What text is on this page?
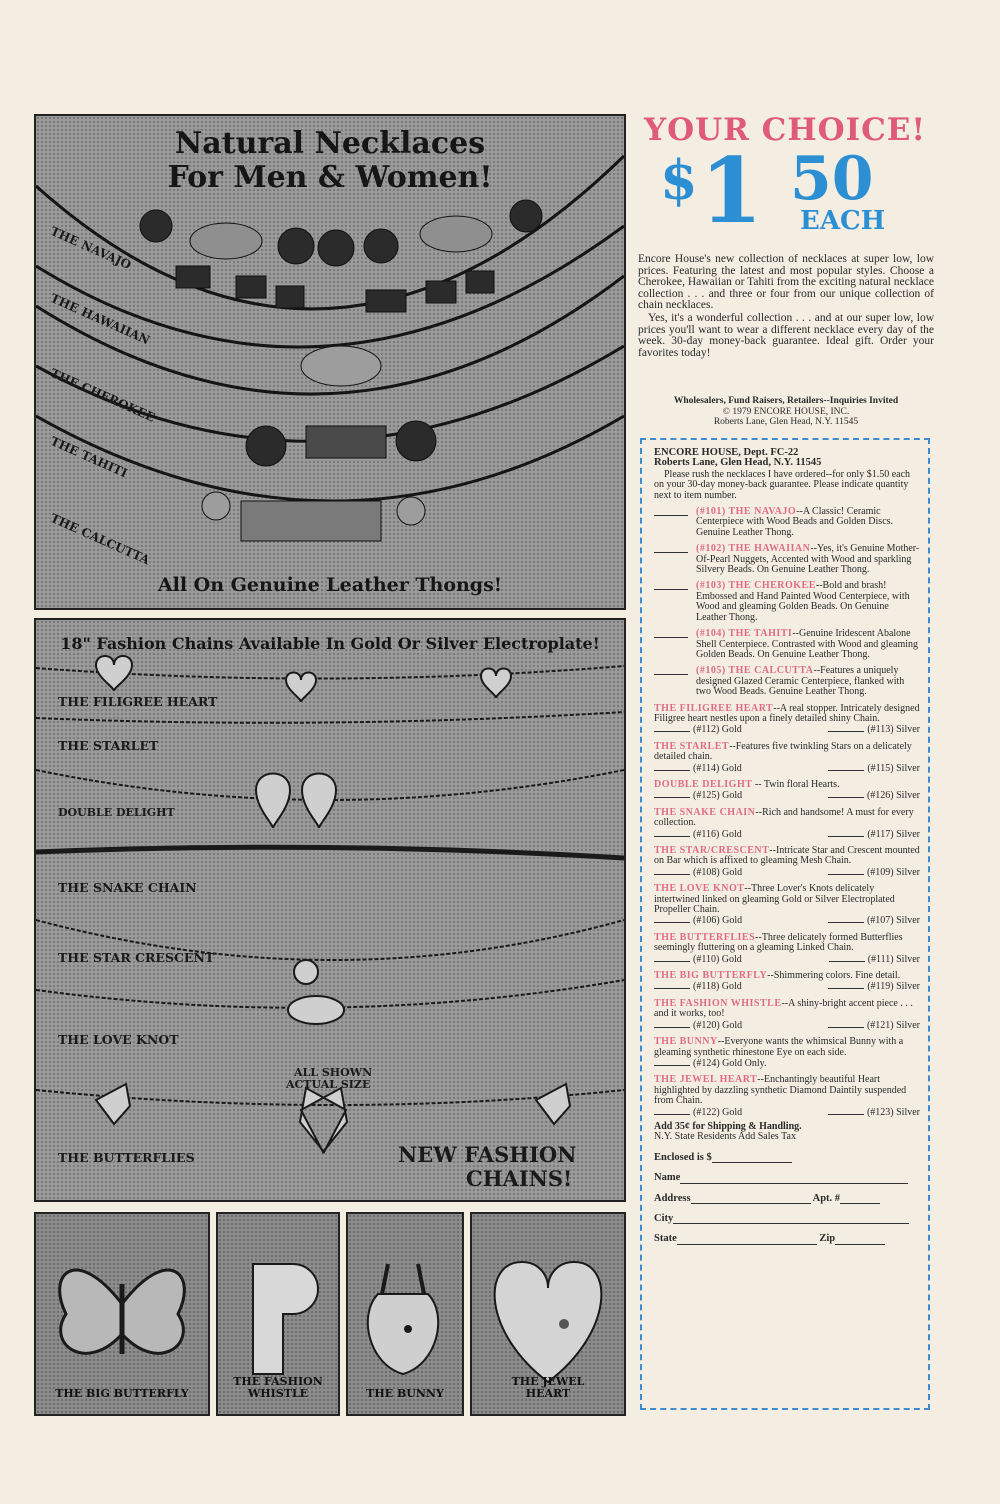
Natural Necklaces
For Men & Women!
THE NAVAJO
THE HAWAIIAN
THE CHEROKEE
THE TAHITI
THE CALCUTTA
All On Genuine Leather Thongs!
18" Fashion Chains Available In Gold Or Silver Electroplate!
THE FILIGREE HEART
THE STARLET
DOUBLE DELIGHT
THE SNAKE CHAIN
THE STAR CRESCENT
THE LOVE KNOT
THE BUTTERFLIES
ALL SHOWN
ACTUAL SIZE
NEW FASHION
CHAINS!
THE BIG BUTTERFLY
THE FASHION WHISTLE	THE BUNNY
THE JEWEL HEART
YOUR CHOICE!
$ 1 50
EACH

Encore House's new collection of necklaces at super low, low prices. Featuring the latest and most popular styles. Choose a Cherokee, Hawaiian or Tahiti from the exciting natural necklace collection . . . and three or four from our unique collection of chain necklaces.

Yes, it's a wonderful collection . . . and at our super low, low prices you'll want to wear a different necklace every day of the week. 30-day money-back guarantee. Ideal gift. Order your favorites today!

Wholesalers, Fund Raisers, Retailers--Inquiries Invited
© 1979 ENCORE HOUSE, INC.
Roberts Lane, Glen Head, N.Y. 11545
ENCORE HOUSE, Dept. FC-22
Roberts Lane, Glen Head, N.Y. 11545
Please rush the necklaces I have ordered--for only $1.50 each on your 30-day money-back guarantee. Please indicate quantity next to item number.
(#101) THE NAVAJO--A Classic! Ceramic Centerpiece with Wood Beads and Golden Discs. Genuine Leather Thong.
(#102) THE HAWAIIAN--Yes, it's Genuine Mother-Of-Pearl Nuggets, Accented with Wood and sparkling Silvery Beads. On Genuine Leather Thong.
(#103) THE CHEROKEE--Bold and brash! Embossed and Hand Painted Wood Centerpiece, with Wood and gleaming Golden Beads. On Genuine Leather Thong.
(#104) THE TAHITI--Genuine Iridescent Abalone Shell Centerpiece. Contrasted with Wood and gleaming Golden Beads. On Genuine Leather Thong.
(#105) THE CALCUTTA--Features a uniquely designed Glazed Ceramic Centerpiece, flanked with two Wood Beads. Genuine Leather Thong.
THE FILIGREE HEART--A real stopper. Intricately designed Filigree heart nestles upon a finely detailed shiny Chain.
(#112) Gold	(#113) Silver
THE STARLET--Features five twinkling Stars on a delicately detailed chain.
(#114) Gold	(#115) Silver
DOUBLE DELIGHT -- Twin floral Hearts.
(#125) Gold	(#126) Silver
THE SNAKE CHAIN--Rich and handsome! A must for every collection.
(#116) Gold	(#117) Silver
THE STAR/CRESCENT--Intricate Star and Crescent mounted on Bar which is affixed to gleaming Mesh Chain.
(#108) Gold	(#109) Silver
THE LOVE KNOT--Three Lover's Knots delicately intertwined linked on gleaming Gold or Silver Electroplated Propeller Chain.
(#106) Gold	(#107) Silver
THE BUTTERFLIES--Three delicately formed Butterflies seemingly fluttering on a gleaming Linked Chain.
(#110) Gold	(#111) Silver
THE BIG BUTTERFLY--Shimmering colors. Fine detail.
(#118) Gold	(#119) Silver
THE FASHION WHISTLE--A shiny-bright accent piece . . . and it works, too!
(#120) Gold	(#121) Silver
THE BUNNY--Everyone wants the whimsical Bunny with a gleaming synthetic rhinestone Eye on each side.
(#124) Gold Only.
THE JEWEL HEART--Enchantingly beautiful Heart highlighted by dazzling synthetic Diamond Daintily suspended from Chain.
(#122) Gold	(#123) Silver
Add 35¢ for Shipping & Handling.
N.Y. State Residents Add Sales Tax
Enclosed is $
Name
Address	Apt. #
City
State	Zip
